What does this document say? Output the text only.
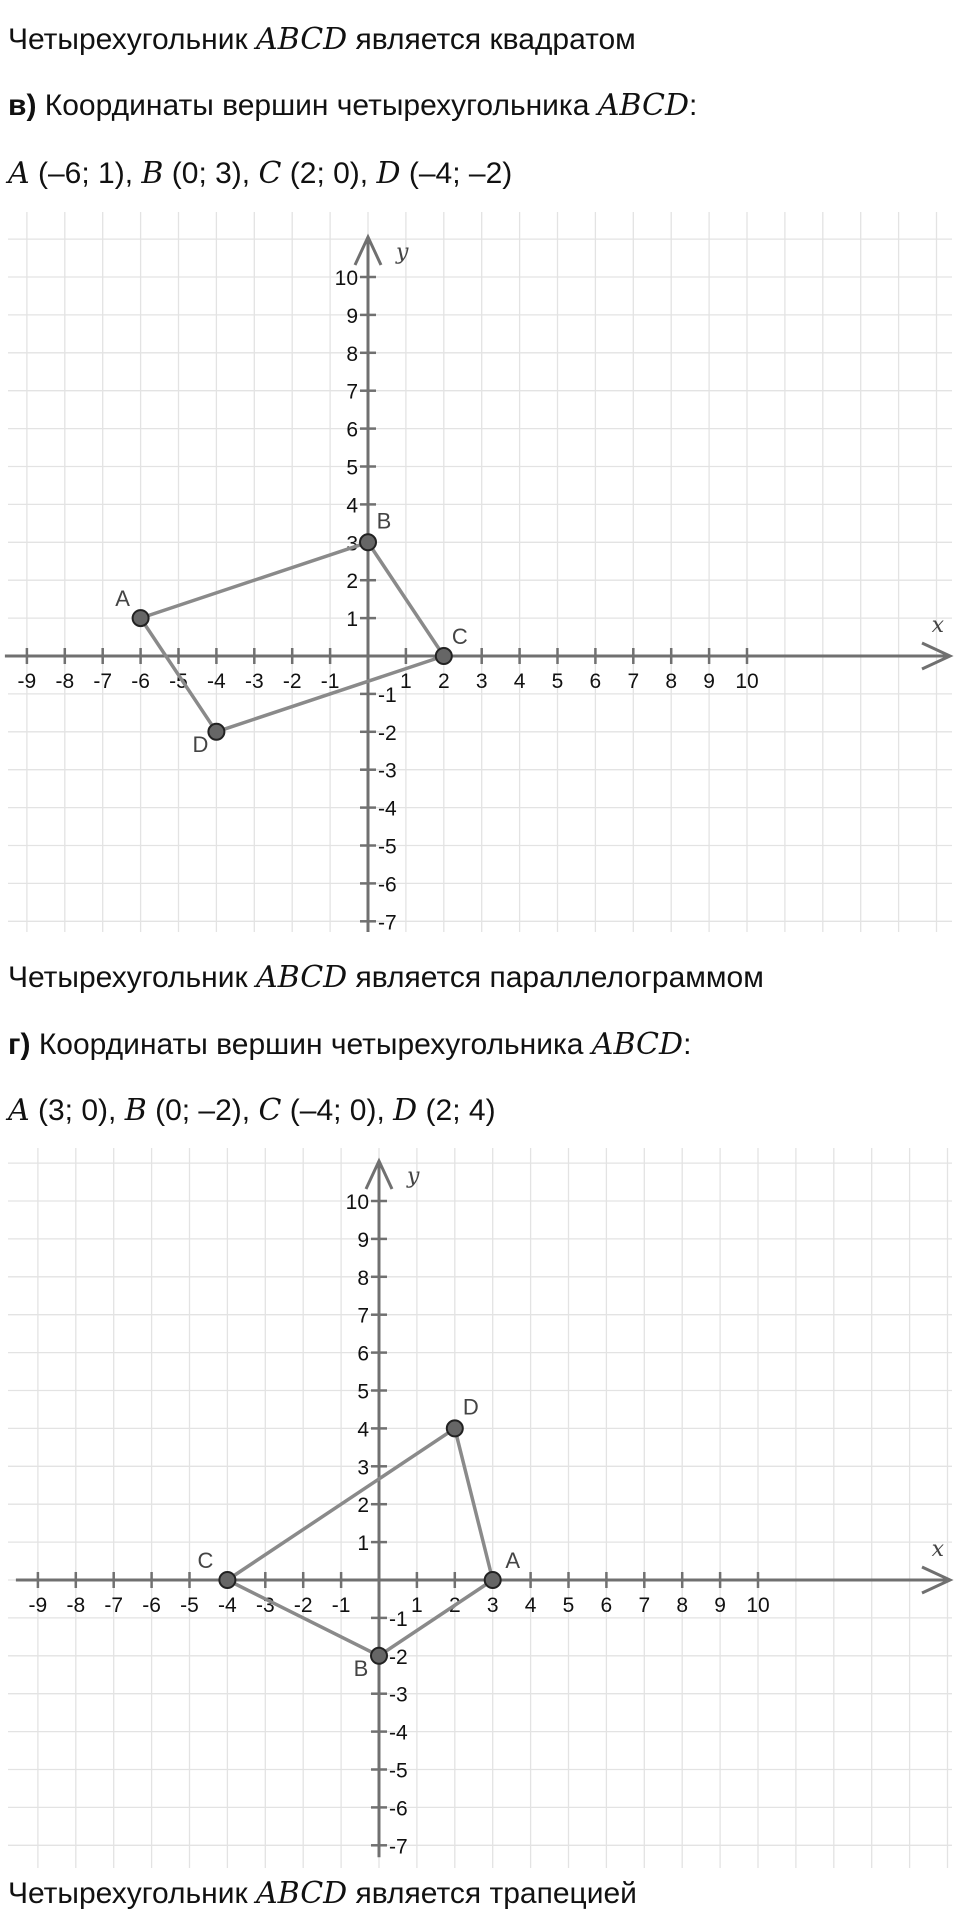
Четырехугольник ABCD является квадратом
в) Координаты вершин четырехугольника ABCD:
A (–6; 1), B (0; 3), C (2; 0), D (–4; –2)
x
y
-9 -8 -7 -6 -5 -4 -3 -2 -1	1 2 3 4 5 6 7 8 9 10
-7
-6
-5
-4
-3
-2
-1
1
2
3
4
5
6
7
8
9
10
A
B
C
D
Четырехугольник ABCD является параллелограммом
г) Координаты вершин четырехугольника ABCD:
A (3; 0), B (0; –2), C (–4; 0), D (2; 4)
x
y
-9 -8 -7 -6 -5 -4 -3 -2 -1	1 2 3 4 5 6 7 8 9 10
-7
-6
-5
-4
-3
-2
-1
1
2
3
4
5
6
7
8
9
10
A
B
C
D
Четырехугольник ABCD является трапецией
